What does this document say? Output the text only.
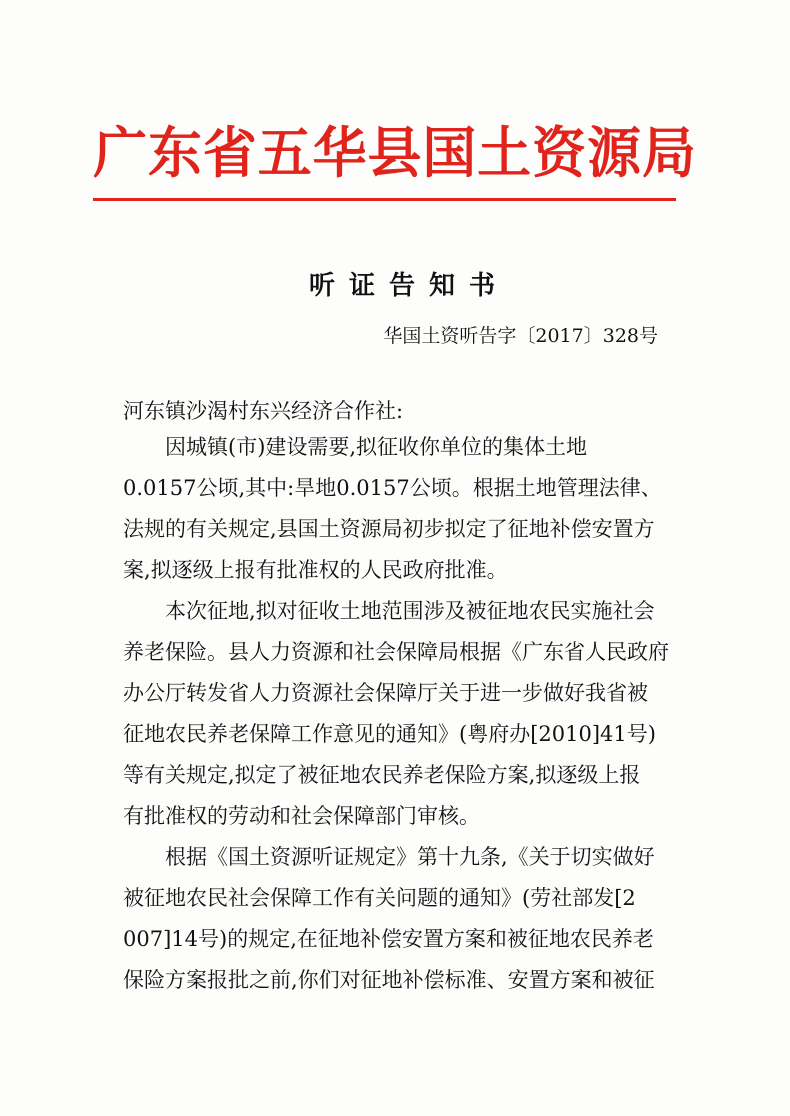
广东省五华县国土资源局
听证告知书
华国土资听告字〔2017〕328号
河东镇沙渴村东兴经济合作社:
因城镇(市)建设需要,拟征收你单位的集体土地
0.0157公顷,其中:旱地0.0157公顷。根据土地管理法律、
法规的有关规定,县国土资源局初步拟定了征地补偿安置方
案,拟逐级上报有批准权的人民政府批准。
本次征地,拟对征收土地范围涉及被征地农民实施社会
养老保险。县人力资源和社会保障局根据《广东省人民政府
办公厅转发省人力资源社会保障厅关于进一步做好我省被
征地农民养老保障工作意见的通知》(粤府办[2010]41号)
等有关规定,拟定了被征地农民养老保险方案,拟逐级上报
有批准权的劳动和社会保障部门审核。
根据《国土资源听证规定》第十九条,《关于切实做好
被征地农民社会保障工作有关问题的通知》(劳社部发[2
007]14号)的规定,在征地补偿安置方案和被征地农民养老
保险方案报批之前,你们对征地补偿标准、安置方案和被征
